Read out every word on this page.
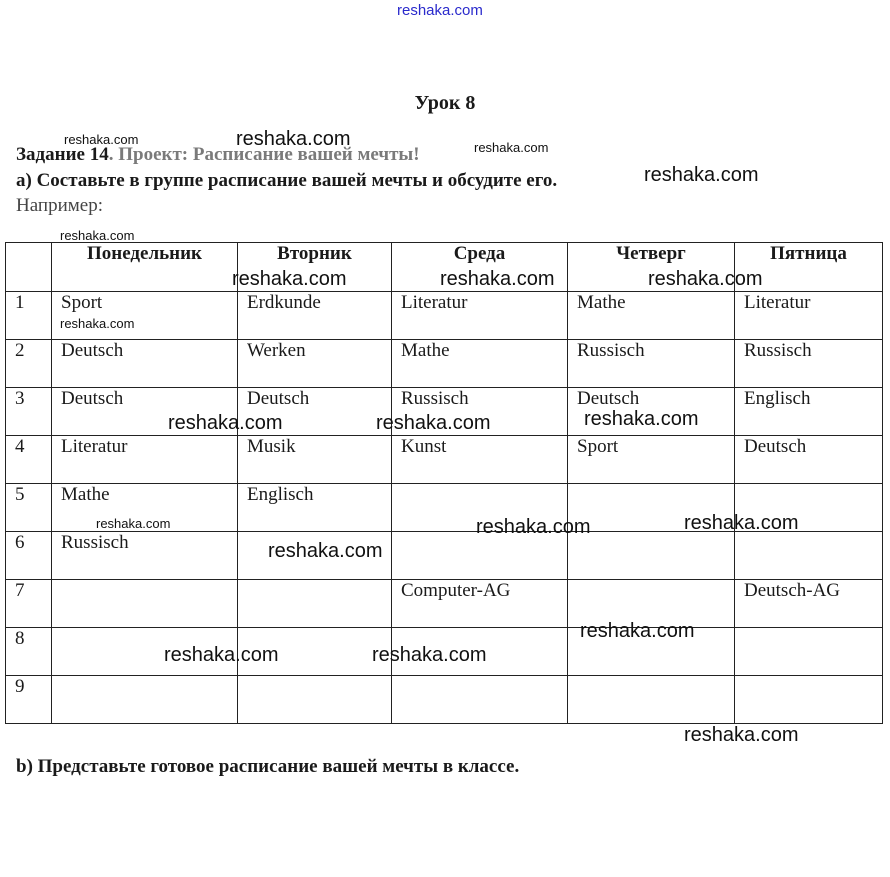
reshaka.com
Урок 8
Задание 14. Проект: Расписание вашей мечты!
а) Составьте в группе расписание вашей мечты и обсудите его.
Например:
	Понедельник	Вторник	Среда	Четверг	Пятница
1	Sport	Erdkunde	Literatur	Mathe	Literatur
2	Deutsch	Werken	Mathe	Russisch	Russisch
3	Deutsch	Deutsch	Russisch	Deutsch	Englisch
4	Literatur	Musik	Kunst	Sport	Deutsch
5	Mathe	Englisch			
6	Russisch				
7			Computer-AG		Deutsch-AG
8					
9					
b) Представьте готовое расписание вашей мечты в классе.
reshaka.com	reshaka.com	reshaka.com
reshaka.com
reshaka.com
reshaka.com	reshaka.com	reshaka.com
reshaka.com
reshaka.com
reshaka.com	reshaka.com
reshaka.com	reshaka.com
reshaka.com
reshaka.com
reshaka.com
reshaka.com	reshaka.com
reshaka.com
